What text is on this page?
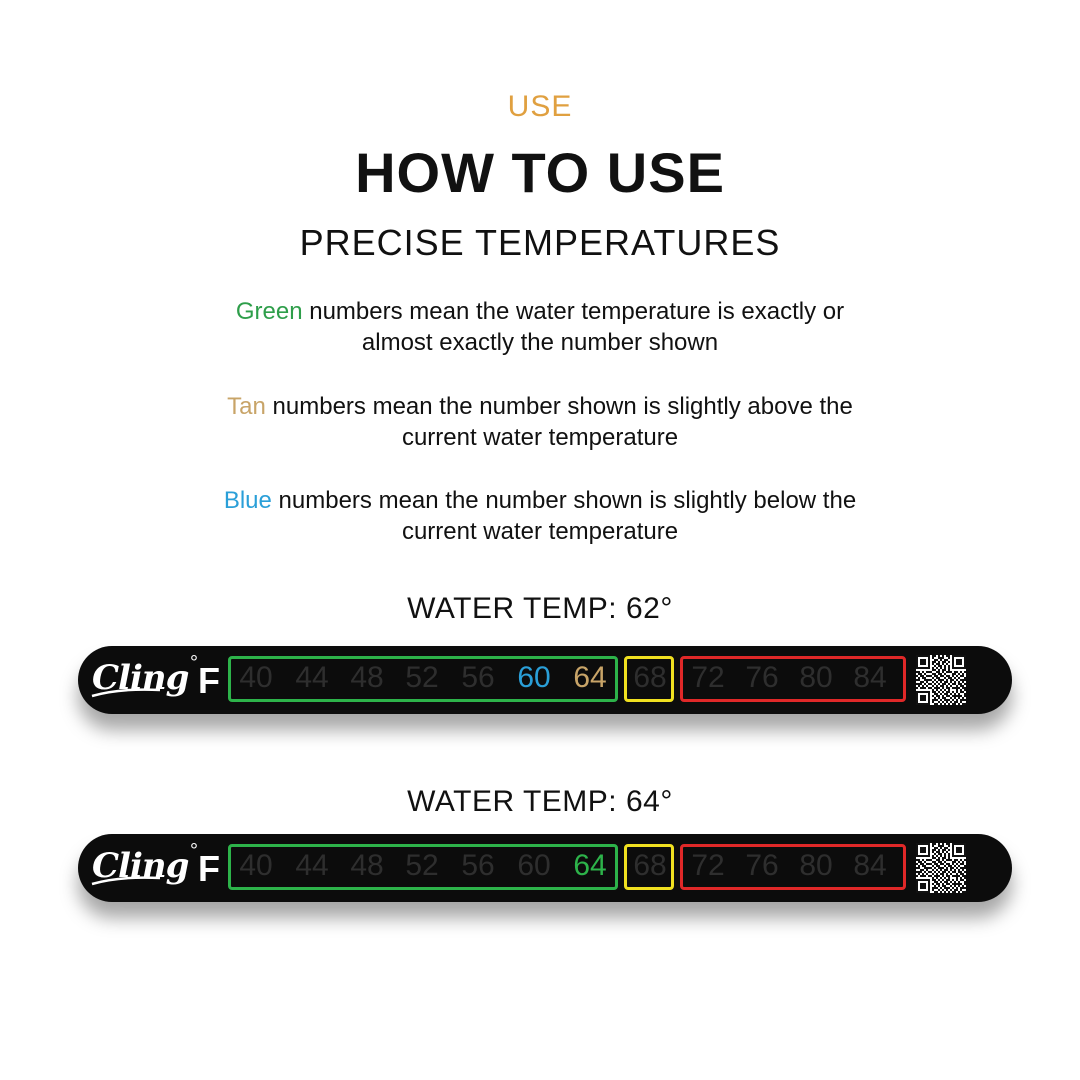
USE
HOW TO USE
PRECISE TEMPERATURES
Green numbers mean the water temperature is exactly or
almost exactly the number shown
Tan numbers mean the number shown is slightly above the
current water temperature
Blue numbers mean the number shown is slightly below the
current water temperature
WATER TEMP: 62°
Cling ° F 40 44 48 52 56 60 64 68 72 76 80 84
WATER TEMP: 64°
Cling ° F 40 44 48 52 56 60 64 68 72 76 80 84
